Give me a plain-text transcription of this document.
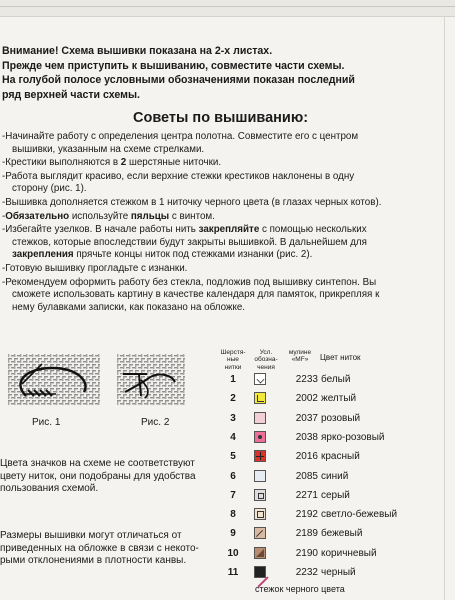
Внимание! Схема вышивки показана на 2-х листах.
Прежде чем приступить к вышиванию, совместите части схемы.
На голубой полосе условными обозначениями показан последний
ряд верхней части схемы.
Советы по вышиванию:
-Начинайте работу с определения центра полотна. Совместите его с центром
вышивки, указанным на схеме стрелками.
-Крестики выполняются в 2 шерстяные ниточки.
-Работа выглядит красиво, если верхние стежки крестиков наклонены в одну
сторону (рис. 1).
-Вышивка дополняется стежком в 1 ниточку черного цвета (в глазах черных котов).
-Обязательно используйте пяльцы с винтом.
-Избегайте узелков. В начале работы нить закрепляйте с помощью нескольких
стежков, которые впоследствии будут закрыты вышивкой. В дальнейшем для
закрепления прячьте концы ниток под стежками изнанки (рис. 2).
-Готовую вышивку прогладьте с изнанки.
-Рекомендуем оформить работу без стекла, подложив под вышивку синтепон. Вы
сможете использовать картину в качестве календаря для памяток, прикрепляя к
нему булавками записки, как показано на обложке.
Рис. 1	Рис. 2
Цвета значков на схеме не соответствуют
цвету ниток, они подобраны для удобства
пользования схемой.
Размеры вышивки могут отличаться от
приведенных на обложке в связи с некото-
рыми отклонениями в плотности канвы.
Шерстя-
ные
нитки
Усл.
обозна-
чения
мулине
«MF»	Цвет ниток
1	2233 белый
2	2002 желтый
3	2037 розовый
4	2038 ярко-розовый
5	2016 красный
6	2085 синий
7	2271 серый
8	2192 светло-бежевый
9	2189 бежевый
10	2190 коричневый
11	2232 черный
стежок черного цвета
